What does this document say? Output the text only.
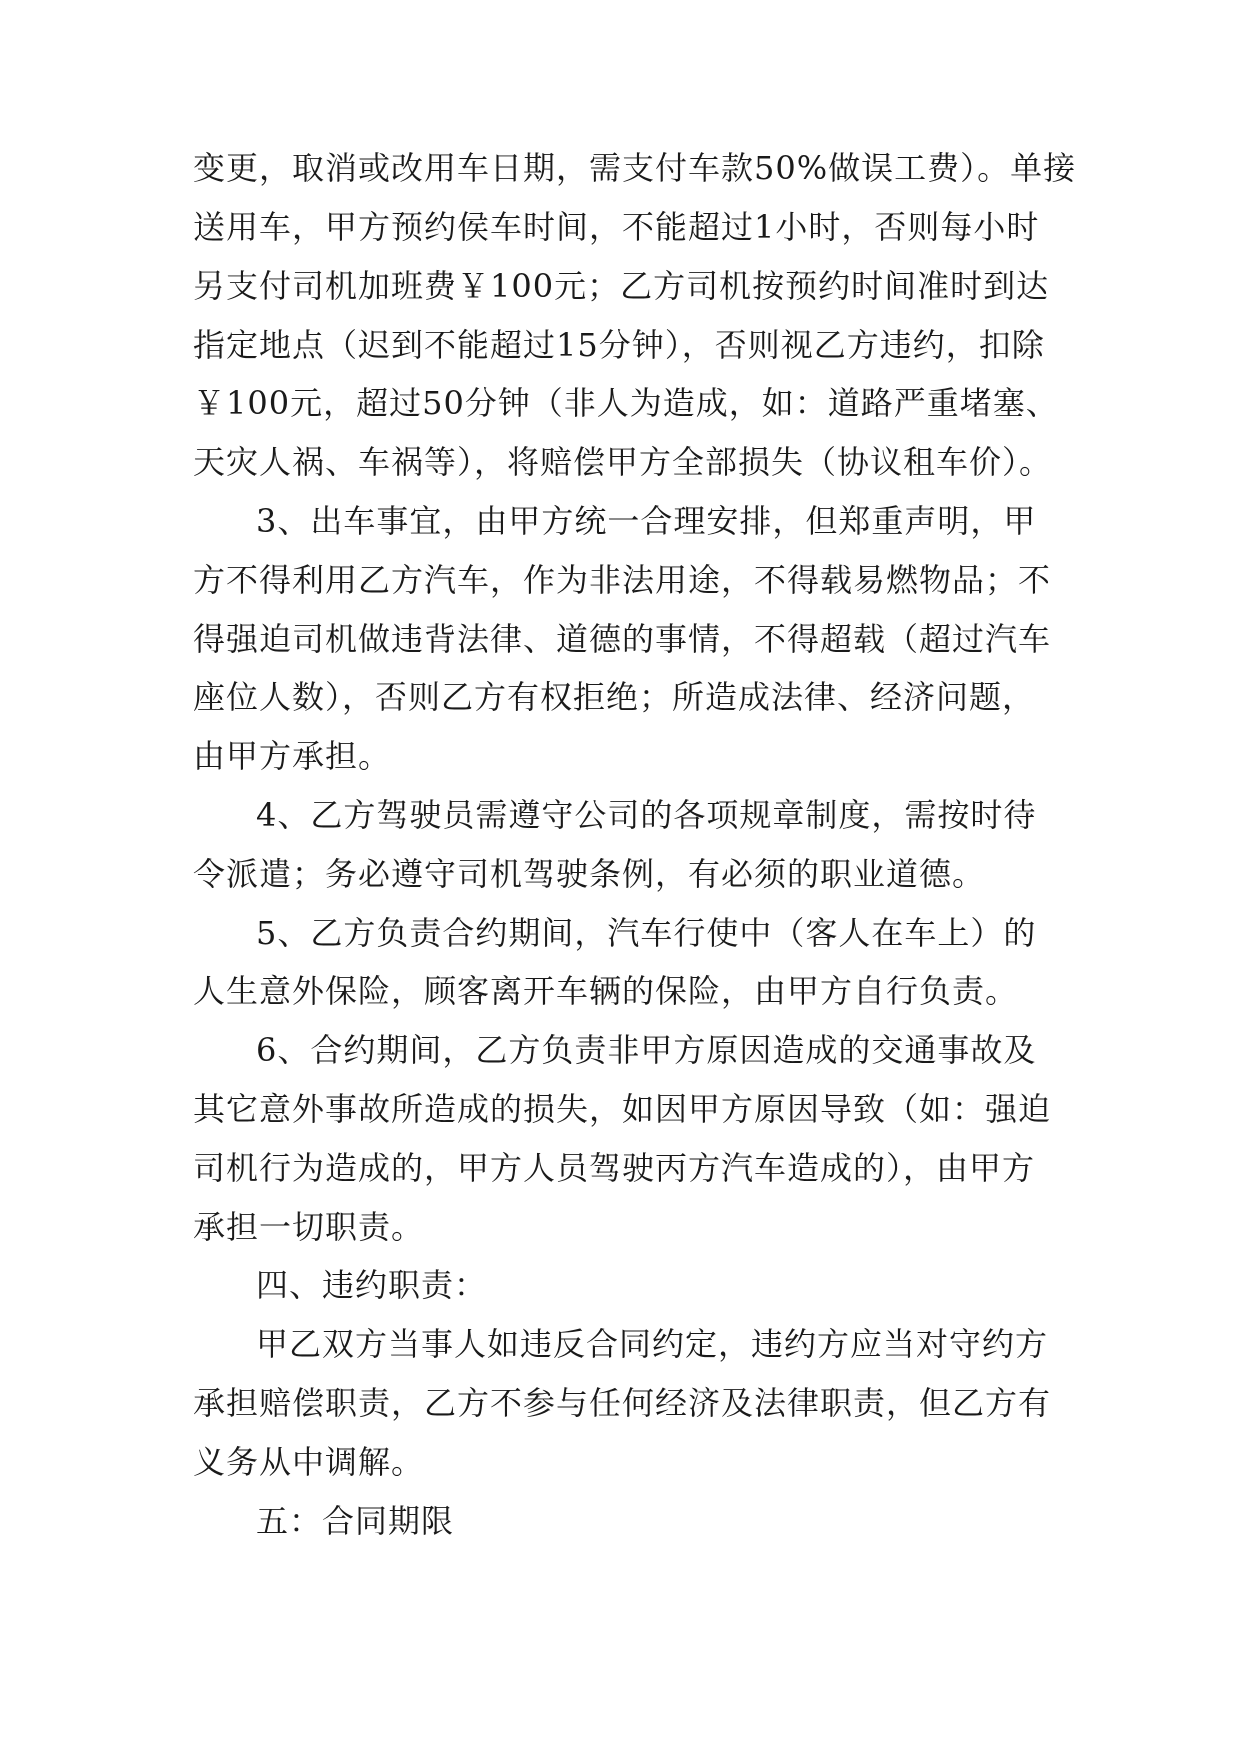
变更，取消或改用车日期，需支付车款50%做误工费）。单接
送用车，甲方预约侯车时间，不能超过1小时，否则每小时
另支付司机加班费￥100元；乙方司机按预约时间准时到达
指定地点（迟到不能超过15分钟），否则视乙方违约，扣除
￥100元，超过50分钟（非人为造成，如：道路严重堵塞、
天灾人祸、车祸等），将赔偿甲方全部损失（协议租车价）。
3、出车事宜，由甲方统一合理安排，但郑重声明，甲
方不得利用乙方汽车，作为非法用途，不得载易燃物品；不
得强迫司机做违背法律、道德的事情，不得超载（超过汽车
座位人数），否则乙方有权拒绝；所造成法律、经济问题，
由甲方承担。
4、乙方驾驶员需遵守公司的各项规章制度，需按时待
令派遣；务必遵守司机驾驶条例，有必须的职业道德。
5、乙方负责合约期间，汽车行使中（客人在车上）的
人生意外保险，顾客离开车辆的保险，由甲方自行负责。
6、合约期间，乙方负责非甲方原因造成的交通事故及
其它意外事故所造成的损失，如因甲方原因导致（如：强迫
司机行为造成的，甲方人员驾驶丙方汽车造成的），由甲方
承担一切职责。
四、违约职责：
甲乙双方当事人如违反合同约定，违约方应当对守约方
承担赔偿职责，乙方不参与任何经济及法律职责，但乙方有
义务从中调解。
五：合同期限
